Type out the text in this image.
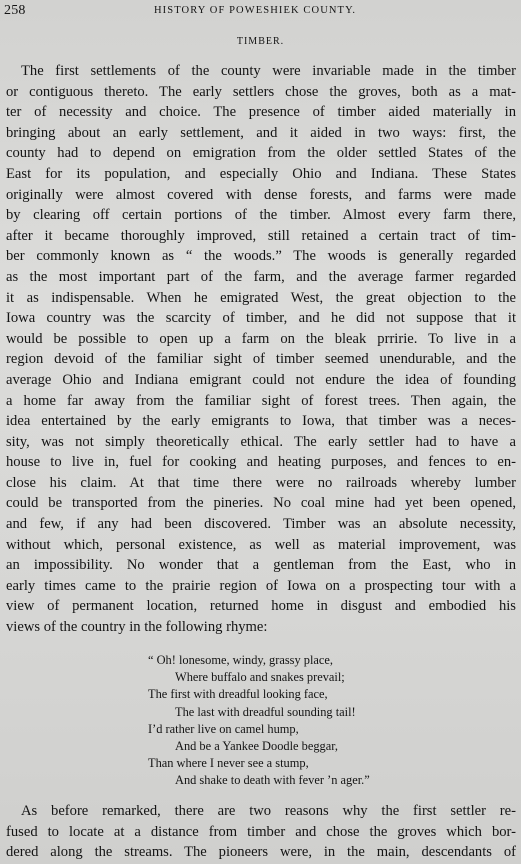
258	HISTORY OF POWESHIEK COUNTY.
TIMBER.
The first settlements of the county were invariable made in the timber
or contiguous thereto. The early settlers chose the groves, both as a mat-
ter of necessity and choice. The presence of timber aided materially in
bringing about an early settlement, and it aided in two ways: first, the
county had to depend on emigration from the older settled States of the
East for its population, and especially Ohio and Indiana. These States
originally were almost covered with dense forests, and farms were made
by clearing off certain portions of the timber. Almost every farm there,
after it became thoroughly improved, still retained a certain tract of tim-
ber commonly known as “ the woods.” The woods is generally regarded
as the most important part of the farm, and the average farmer regarded
it as indispensable. When he emigrated West, the great objection to the
Iowa country was the scarcity of timber, and he did not suppose that it
would be possible to open up a farm on the bleak prririe. To live in a
region devoid of the familiar sight of timber seemed unendurable, and the
average Ohio and Indiana emigrant could not endure the idea of founding
a home far away from the familiar sight of forest trees. Then again, the
idea entertained by the early emigrants to Iowa, that timber was a neces-
sity, was not simply theoretically ethical. The early settler had to have a
house to live in, fuel for cooking and heating purposes, and fences to en-
close his claim. At that time there were no railroads whereby lumber
could be transported from the pineries. No coal mine had yet been opened,
and few, if any had been discovered. Timber was an absolute necessity,
without which, personal existence, as well as material improvement, was
an impossibility. No wonder that a gentleman from the East, who in
early times came to the prairie region of Iowa on a prospecting tour with a
view of permanent location, returned home in disgust and embodied his
views of the country in the following rhyme:
“ Oh! lonesome, windy, grassy place,
Where buffalo and snakes prevail;
The first with dreadful looking face,
The last with dreadful sounding tail!
I’d rather live on camel hump,
And be a Yankee Doodle beggar,
Than where I never see a stump,
And shake to death with fever ’n ager.”
As before remarked, there are two reasons why the first settler re-
fused to locate at a distance from timber and chose the groves which bor-
dered along the streams. The pioneers were, in the main, descendants of
